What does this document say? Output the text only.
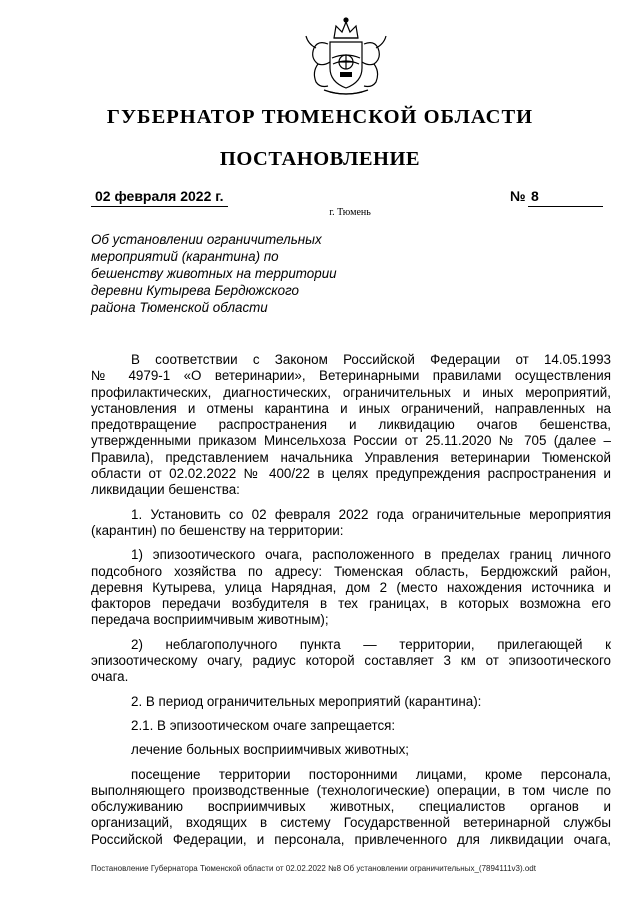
ГУБЕРНАТОР ТЮМЕНСКОЙ ОБЛАСТИ
ПОСТАНОВЛЕНИЕ
02 февраля 2022 г.	№ 8
г. Тюмень
Об установлении ограничительных
мероприятий (карантина) по
бешенству животных на территории
деревни Кутырева Бердюжского
района Тюменской области
В соответствии с Законом Российской Федерации от 14.05.1993
№ 4979-1 «О ветеринарии», Ветеринарными правилами осуществления
профилактических, диагностических, ограничительных и иных мероприятий,
установления и отмены карантина и иных ограничений, направленных на
предотвращение распространения и ликвидацию очагов бешенства,
утвержденными приказом Минсельхоза России от 25.11.2020 № 705 (далее –
Правила), представлением начальника Управления ветеринарии Тюменской
области от 02.02.2022 № 400/22 в целях предупреждения распространения и
ликвидации бешенства:
1. Установить со 02 февраля 2022 года ограничительные мероприятия
(карантин) по бешенству на территории:
1) эпизоотического очага, расположенного в пределах границ личного
подсобного хозяйства по адресу: Тюменская область, Бердюжский район,
деревня Кутырева, улица Нарядная, дом 2 (место нахождения источника и
факторов передачи возбудителя в тех границах, в которых возможна его
передача восприимчивым животным);
2) неблагополучного пункта — территории, прилегающей к
эпизоотическому очагу, радиус которой составляет 3 км от эпизоотического
очага.
2. В период ограничительных мероприятий (карантина):
2.1. В эпизоотическом очаге запрещается:
лечение больных восприимчивых животных;
посещение территории посторонними лицами, кроме персонала,
выполняющего производственные (технологические) операции, в том числе по
обслуживанию восприимчивых животных, специалистов органов и
организаций, входящих в систему Государственной ветеринарной службы
Российской Федерации, и персонала, привлеченного для ликвидации очага,
Постановление Губернатора Тюменской области от 02.02.2022 №8 Об установлении ограничительных_(7894111v3).odt
